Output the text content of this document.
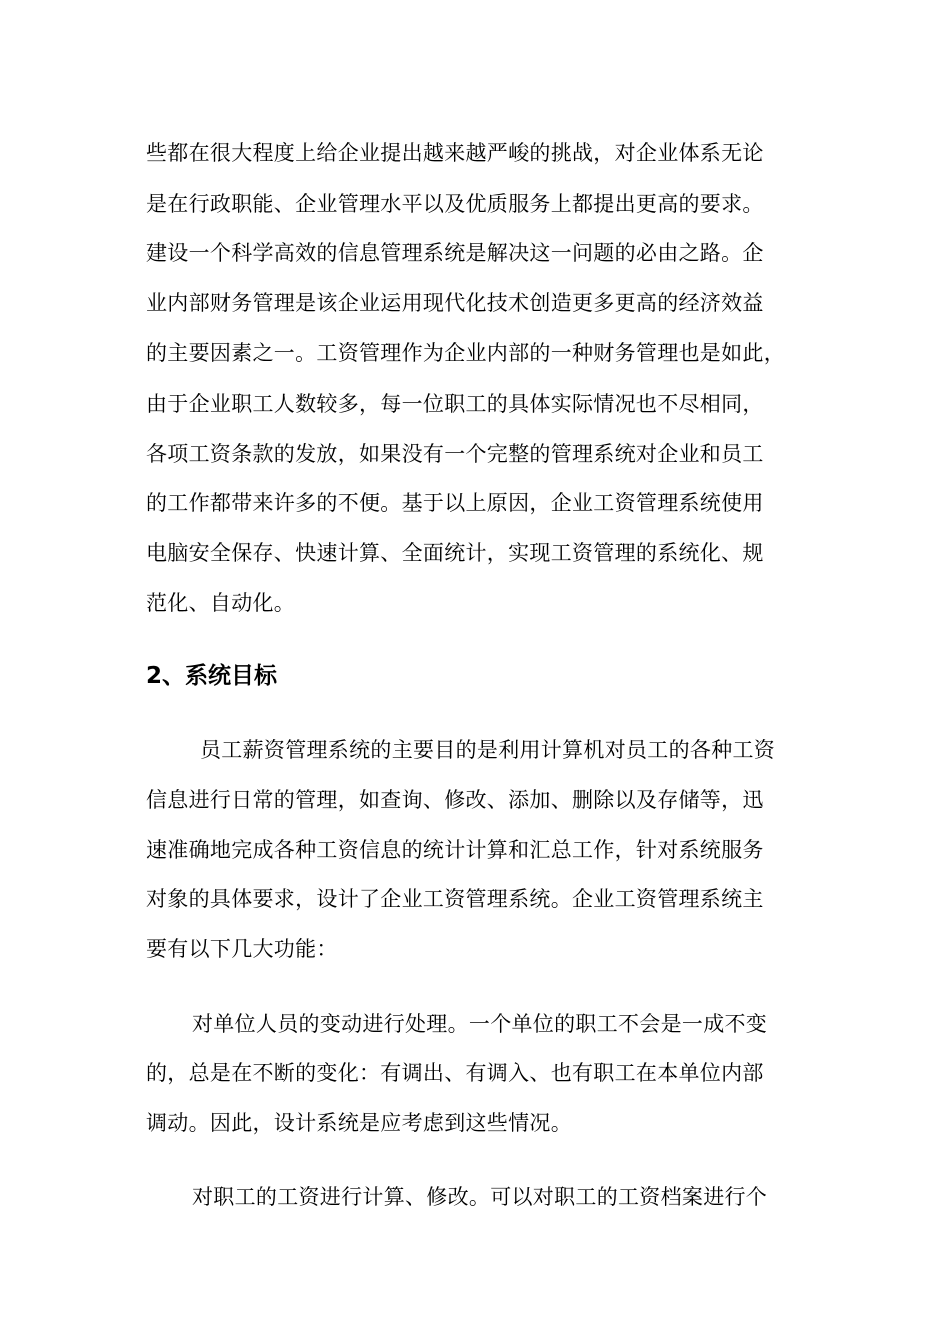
些都在很大程度上给企业提出越来越严峻的挑战，对企业体系无论
是在行政职能、企业管理水平以及优质服务上都提出更高的要求。
建设一个科学高效的信息管理系统是解决这一问题的必由之路。企
业内部财务管理是该企业运用现代化技术创造更多更高的经济效益
的主要因素之一。工资管理作为企业内部的一种财务管理也是如此，
由于企业职工人数较多，每一位职工的具体实际情况也不尽相同，
各项工资条款的发放，如果没有一个完整的管理系统对企业和员工
的工作都带来许多的不便。基于以上原因，企业工资管理系统使用
电脑安全保存、快速计算、全面统计，实现工资管理的系统化、规
范化、自动化。
2、系统目标
员工薪资管理系统的主要目的是利用计算机对员工的各种工资
信息进行日常的管理，如查询、修改、添加、删除以及存储等，迅
速准确地完成各种工资信息的统计计算和汇总工作，针对系统服务
对象的具体要求，设计了企业工资管理系统。企业工资管理系统主
要有以下几大功能：
对单位人员的变动进行处理。一个单位的职工不会是一成不变
的，总是在不断的变化：有调出、有调入、也有职工在本单位内部
调动。因此，设计系统是应考虑到这些情况。
对职工的工资进行计算、修改。可以对职工的工资档案进行个
